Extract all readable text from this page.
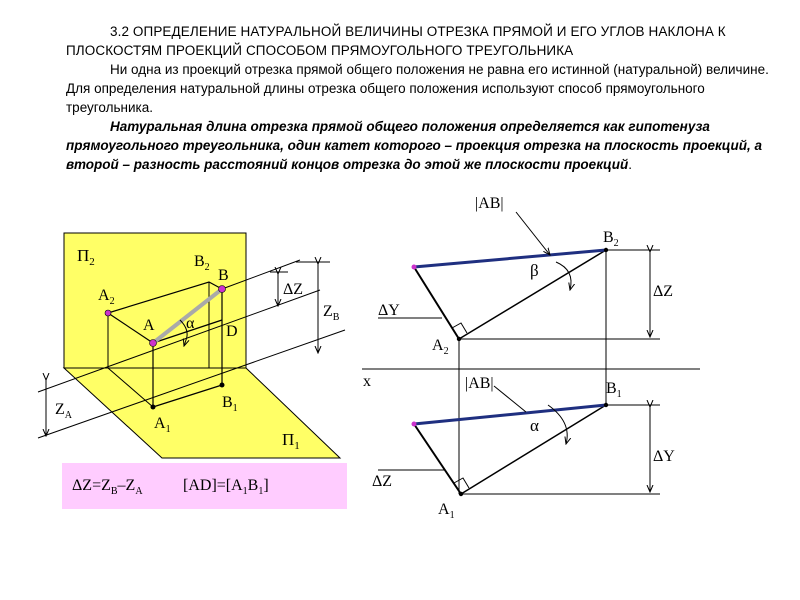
3.2 ОПРЕДЕЛЕНИЕ НАТУРАЛЬНОЙ ВЕЛИЧИНЫ ОТРЕЗКА ПРЯМОЙ И ЕГО УГЛОВ НАКЛОНА К ПЛОСКОСТЯМ ПРОЕКЦИЙ СПОСОБОМ ПРЯМОУГОЛЬНОГО ТРЕУГОЛЬНИКА
Ни одна из проекций отрезка прямой общего положения не равна его истинной (натуральной) величине. Для определения натуральной длины отрезка общего положения используют способ прямоугольного треугольника.
Натуральная длина отрезка прямой общего положения определяется как гипотенуза прямоугольного треугольника, один катет которого – проекция отрезка на плоскость проекций, а второй – разность расстояний концов отрезка до этой же плоскости проекций.
$П_2$
$A_2$
$B_2$ B
A α D
ΔZ
$Z_B$
$Z_A$	$A_1$
$B_1$
$П_1$
$\Delta Z=Z_B-Z_A$	$[AD]=[A_1B_1]$
|AB|
$B_2$
β
ΔZ
ΔY
$A_2$
x	|AB|	$B_1$
α
ΔY
ΔZ
$A_1$
